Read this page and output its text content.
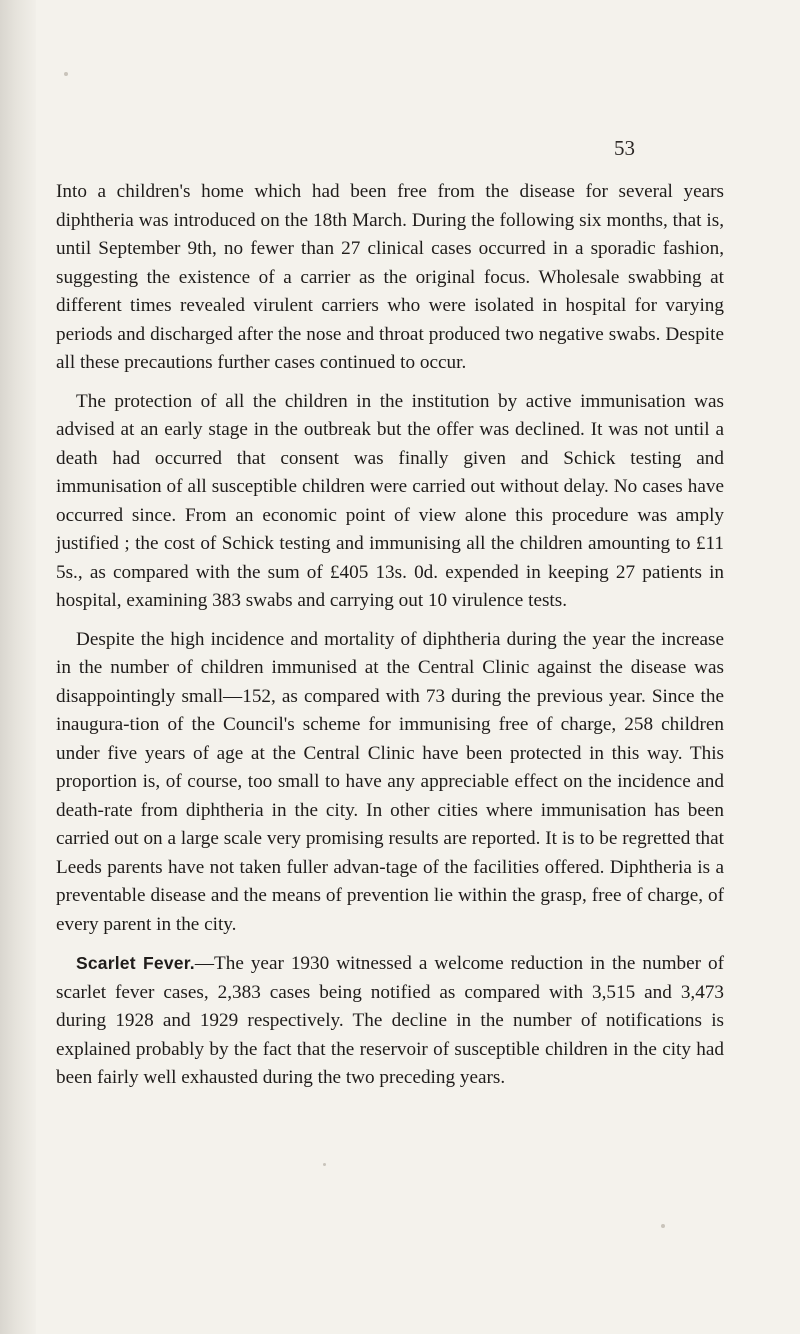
53

Into a children's home which had been free from the disease for several years diphtheria was introduced on the 18th March. During the following six months, that is, until September 9th, no fewer than 27 clinical cases occurred in a sporadic fashion, suggesting the existence of a carrier as the original focus. Wholesale swabbing at different times revealed virulent carriers who were isolated in hospital for varying periods and discharged after the nose and throat produced two negative swabs. Despite all these precautions further cases continued to occur.

The protection of all the children in the institution by active immunisation was advised at an early stage in the outbreak but the offer was declined. It was not until a death had occurred that consent was finally given and Schick testing and immunisation of all susceptible children were carried out without delay. No cases have occurred since. From an economic point of view alone this procedure was amply justified ; the cost of Schick testing and immunising all the children amounting to £11 5s., as compared with the sum of £405 13s. 0d. expended in keeping 27 patients in hospital, examining 383 swabs and carrying out 10 virulence tests.

Despite the high incidence and mortality of diphtheria during the year the increase in the number of children immunised at the Central Clinic against the disease was disappointingly small—152, as compared with 73 during the previous year. Since the inaugura-tion of the Council's scheme for immunising free of charge, 258 children under five years of age at the Central Clinic have been protected in this way. This proportion is, of course, too small to have any appreciable effect on the incidence and death-rate from diphtheria in the city. In other cities where immunisation has been carried out on a large scale very promising results are reported. It is to be regretted that Leeds parents have not taken fuller advan-tage of the facilities offered. Diphtheria is a preventable disease and the means of prevention lie within the grasp, free of charge, of every parent in the city.

Scarlet Fever.—The year 1930 witnessed a welcome reduction in the number of scarlet fever cases, 2,383 cases being notified as compared with 3,515 and 3,473 during 1928 and 1929 respectively. The decline in the number of notifications is explained probably by the fact that the reservoir of susceptible children in the city had been fairly well exhausted during the two preceding years.
